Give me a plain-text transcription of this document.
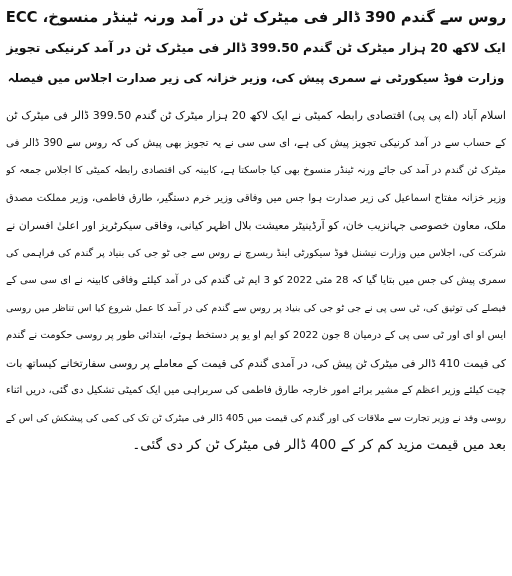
روس سے گندم 390 ڈالر فی میٹرک ٹن در آمد ورنہ ٹینڈر منسوخ، ECC
ایک لاکھ 20 ہزار میٹرک ٹن گندم 399.50 ڈالر فی میٹرک ٹن در آمد کرنیکی تجویز
وزارت فوڈ سیکورٹی نے سمری پیش کی، وزیر خزانہ کی زیر صدارت اجلاس میں فیصلہ
اسلام آباد (اے پی پی) اقتصادی رابطہ کمیٹی نے ایک لاکھ 20 ہزار میٹرک ٹن گندم 399.50 ڈالر فی میٹرک ٹن
کے حساب سے در آمد کرنیکی تجویز پیش کی ہے، ای سی سی نے یہ تجویز بھی پیش کی کہ روس سے 390 ڈالر فی
میٹرک ٹن گندم در آمد کی جائے ورنہ ٹینڈر منسوخ بھی کیا جاسکتا ہے، کابینہ کی اقتصادی رابطہ کمیٹی کا اجلاس جمعہ کو
وزیر خزانہ مفتاح اسماعیل کی زیر صدارت ہوا جس میں وفاقی وزیر خرم دستگیر، طارق فاطمی، وزیر مملکت مصدق
ملک، معاون خصوصی جہانزیب خان، کو آرڈینیٹر معیشت بلال اظہر کیانی، وفاقی سیکرٹریز اور اعلیٰ افسران نے
شرکت کی، اجلاس میں وزارت نیشنل فوڈ سیکورٹی اینڈ ریسرچ نے روس سے جی ٹو جی کی بنیاد پر گندم کی فراہمی کی
سمری پیش کی جس میں بتایا گیا کہ 28 مئی 2022 کو 3 ایم ٹی گندم کی در آمد کیلئے وفاقی کابینہ نے ای سی سی کے
فیصلے کی توثیق کی، ٹی سی پی نے جی ٹو جی کی بنیاد پر روس سے گندم کی در آمد کا عمل شروع کیا اس تناظر میں روسی
ایس او ای اور ٹی سی پی کے درمیان 8 جون 2022 کو ایم او یو پر دستخط ہوئے، ابتدائی طور پر روسی حکومت نے گندم
کی قیمت 410 ڈالر فی میٹرک ٹن پیش کی، در آمدی گندم کی قیمت کے معاملے پر روسی سفارتخانے کیساتھ بات
چیت کیلئے وزیر اعظم کے مشیر برائے امور خارجہ طارق فاطمی کی سربراہی میں ایک کمیٹی تشکیل دی گئی، دریں اثناء
روسی وفد نے وزیر تجارت سے ملاقات کی اور گندم کی قیمت میں 405 ڈالر فی میٹرک ٹن تک کی کمی کی پیشکش کی اس کے
بعد میں قیمت مزید کم کر کے 400 ڈالر فی میٹرک ٹن کر دی گئی۔
